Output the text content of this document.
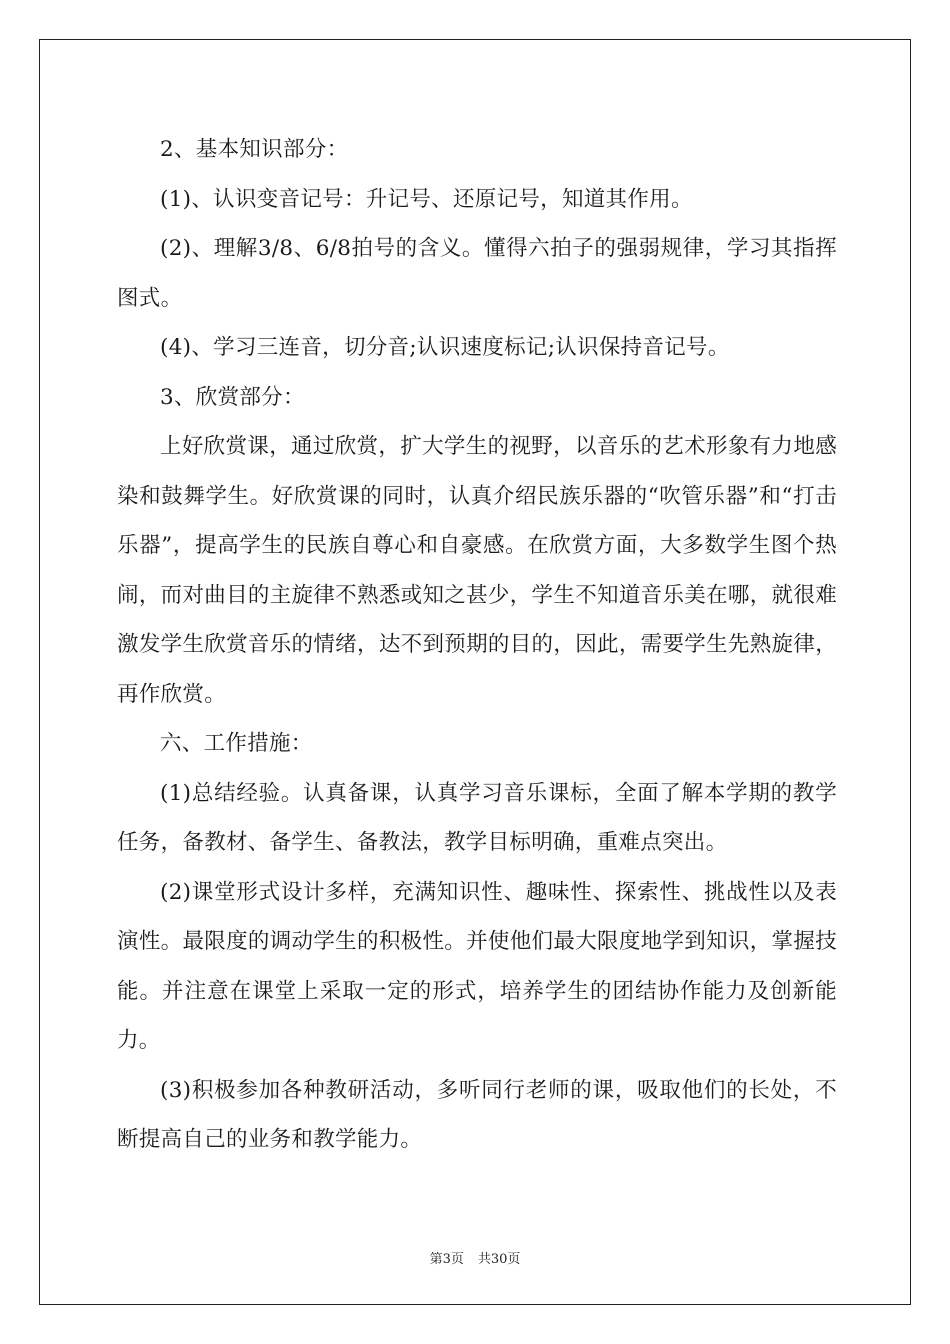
2、基本知识部分：

(1)、认识变音记号：升记号、还原记号，知道其作用。

(2)、理解3/8、6/8拍号的含义。懂得六拍子的强弱规律，学习其指挥图式。

(4)、学习三连音，切分音;认识速度标记;认识保持音记号。

3、欣赏部分：

上好欣赏课，通过欣赏，扩大学生的视野，以音乐的艺术形象有力地感染和鼓舞学生。好欣赏课的同时，认真介绍民族乐器的“吹管乐器”和“打击乐器”，提高学生的民族自尊心和自豪感。在欣赏方面，大多数学生图个热闹，而对曲目的主旋律不熟悉或知之甚少，学生不知道音乐美在哪，就很难激发学生欣赏音乐的情绪，达不到预期的目的，因此，需要学生先熟旋律，再作欣赏。

六、工作措施：

(1)总结经验。认真备课，认真学习音乐课标，全面了解本学期的教学任务，备教材、备学生、备教法，教学目标明确，重难点突出。

(2)课堂形式设计多样，充满知识性、趣味性、探索性、挑战性以及表演性。最限度的调动学生的积极性。并使他们最大限度地学到知识，掌握技能。并注意在课堂上采取一定的形式，培养学生的团结协作能力及创新能力。

(3)积极参加各种教研活动，多听同行老师的课，吸取他们的长处，不断提高自己的业务和教学能力。

第3页 共30页
